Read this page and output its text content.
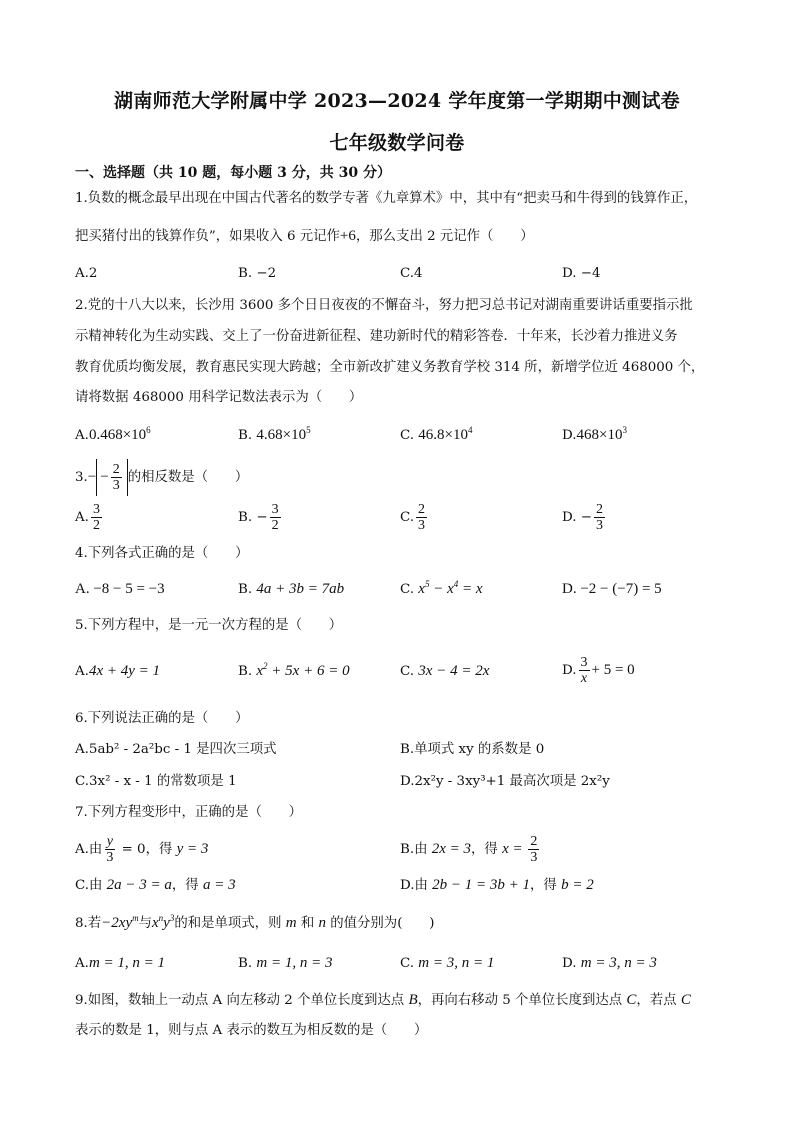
湖南师范大学附属中学 2023—2024 学年度第一学期期中测试卷
七年级数学问卷
一、选择题（共 10 题，每小题 3 分，共 30 分）
1.负数的概念最早出现在中国古代著名的数学专著《九章算术》中，其中有“把卖马和牛得到的钱算作正，
把买猪付出的钱算作负”，如果收入 6 元记作+6，那么支出 2 元记作（　　）
A.2	B. −2	C.4	D. −4
2.党的十八大以来，长沙用 3600 多个日日夜夜的不懈奋斗，努力把习总书记对湖南重要讲话重要指示批
示精神转化为生动实践、交上了一份奋进新征程、建功新时代的精彩答卷．十年来，长沙着力推进义务
教育优质均衡发展，教育惠民实现大跨越；全市新改扩建义务教育学校 314 所，新增学位近 468000 个，
请将数据 468000 用科学记数法表示为（　　）
$A.0.468\times 10^6$	B. $4.68\times 10^5$	C. $46.8\times 10^4$	$D.468\times 10^3$
$3.- - \frac{2}{3}$ 的相反数是（　　）
A. $\frac{3}{2}$	B. − $\frac{3}{2}$	C. $\frac{2}{3}$	D. − $\frac{2}{3}$
4.下列各式正确的是（　　）
A. −8 − 5 = −3	B. 4a + 3b = 7ab	C. $x^5 - x^4 = x$	D. −2 − (−7) = 5
5.下列方程中，是一元一次方程的是（　　）
A.4x + 4y = 1	B. $x^2 + 5x + 6 = 0$	C. 3x − 4 = 2x	D. $\frac{3}{x} + 5 = 0$
6.下列说法正确的是（　　）
A.5ab² - 2a²bc - 1 是四次三项式	B.单项式 xy 的系数是 0
C.3x² - x - 1 的常数项是 1	D.2x²y - 3xy³+1 最高次项是 2x²y
7.下列方程变形中，正确的是（　　）
A.由 $\frac{y}{3} = 0$，得 y = 3	B.由 2x = 3，得 $x = \frac{2}{3}$
C.由 2a − 3 = a，得 a = 3	D.由 2b − 1 = 3b + 1，得 b = 2
8.若$-2xy^m$与$x^ny^3$的和是单项式，则 m 和 n 的值分别为(　　)
A.m = 1, n = 1	B. m = 1, n = 3	C. m = 3, n = 1	D. m = 3, n = 3
9.如图，数轴上一动点 A 向左移动 2 个单位长度到达点 B，再向右移动 5 个单位长度到达点 C，若点 C
表示的数是 1，则与点 A 表示的数互为相反数的是（　　）
